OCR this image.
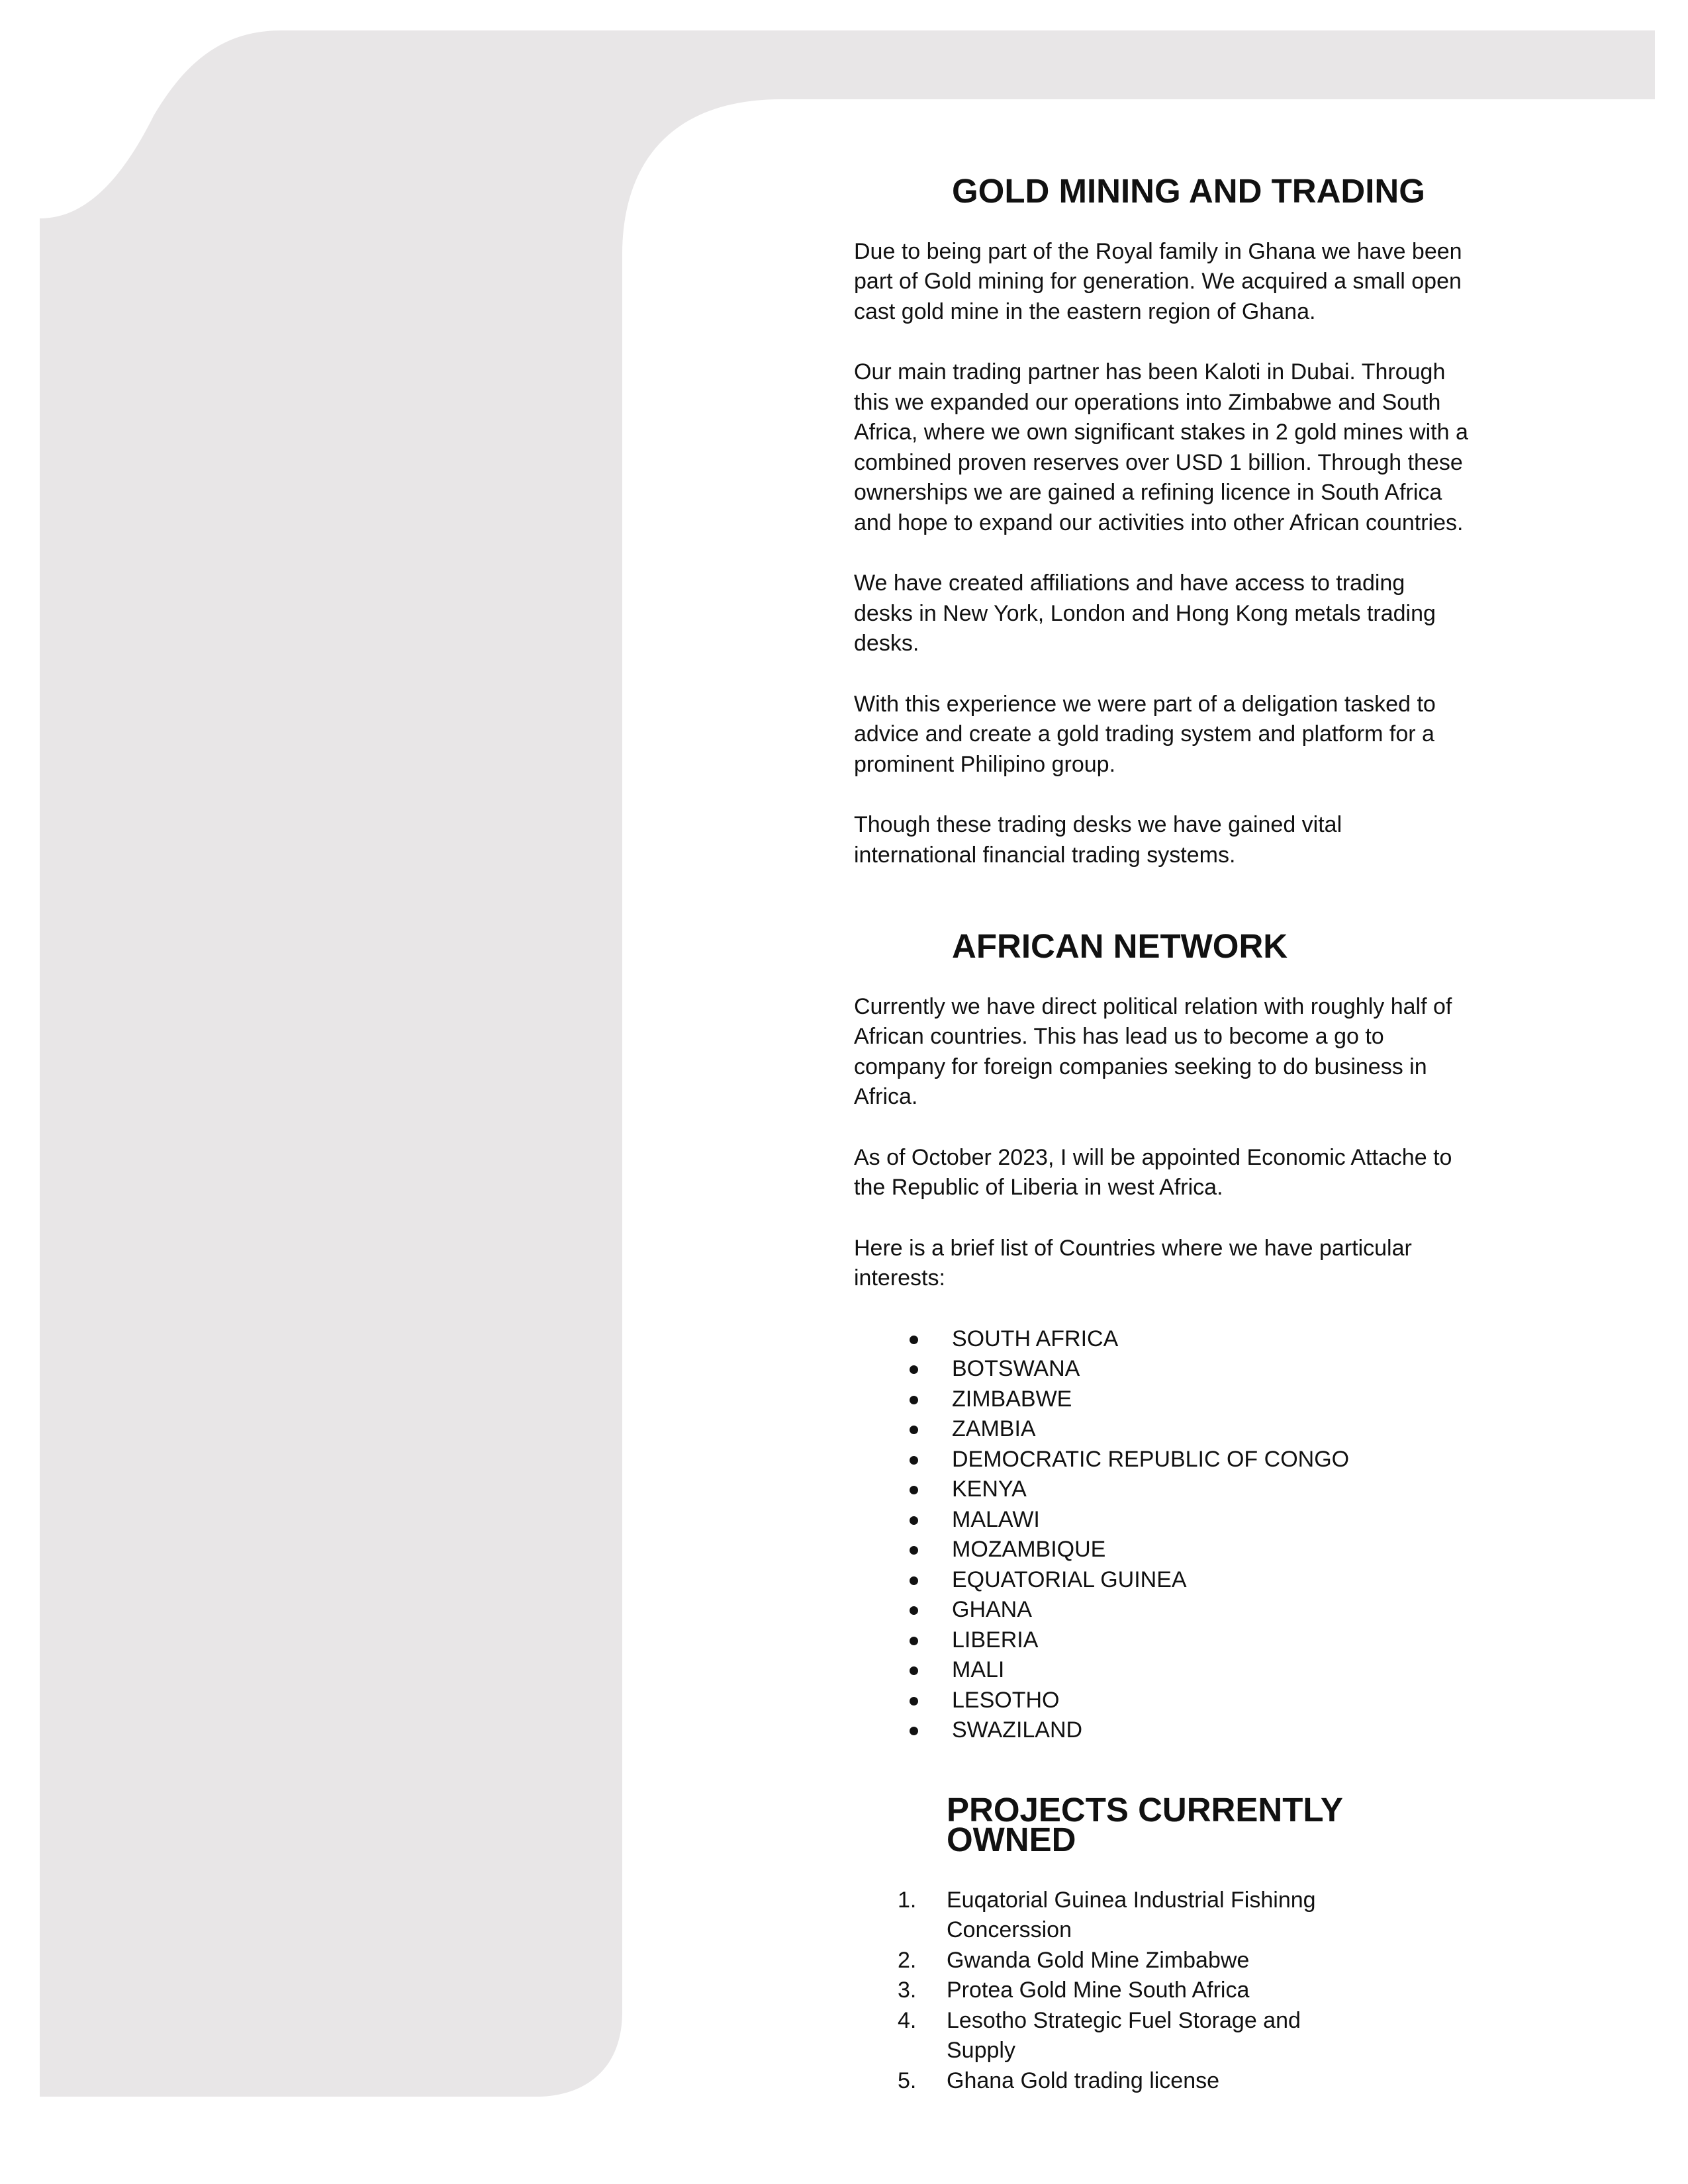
GOLD MINING AND TRADING

Due to being part of the Royal family in Ghana we have been part of Gold mining for generation. We acquired a small open cast gold mine in the eastern region of Ghana.

Our main trading partner has been Kaloti in Dubai. Through this we expanded our operations into Zimbabwe and South Africa, where we own significant stakes in 2 gold mines with a combined proven reserves over USD 1 billion. Through these ownerships we are gained a refining licence in South Africa and hope to expand our activities into other African countries.

We have created affiliations and have access to trading desks in New York, London and Hong Kong metals trading desks.

With this experience we were part of a deligation tasked to advice and create a gold trading system and platform for a prominent Philipino group.

Though these trading desks we have gained vital international financial trading systems.

AFRICAN NETWORK

Currently we have direct political relation with roughly half of African countries. This has lead us to become a go to company for foreign companies seeking to do business in Africa.

As of October 2023, I will be appointed Economic Attache to the Republic of Liberia in west Africa.

Here is a brief list of Countries where we have particular interests:

SOUTH AFRICA
BOTSWANA
ZIMBABWE
ZAMBIA
DEMOCRATIC REPUBLIC OF CONGO
KENYA
MALAWI
MOZAMBIQUE
EQUATORIAL GUINEA
GHANA
LIBERIA
MALI
LESOTHO
SWAZILAND
PROJECTS CURRENTLY OWNED
1. Euqatorial Guinea Industrial Fishinng Concerssion
2. Gwanda Gold Mine Zimbabwe
3. Protea Gold Mine South Africa
4. Lesotho Strategic Fuel Storage and Supply
5. Ghana Gold trading license
